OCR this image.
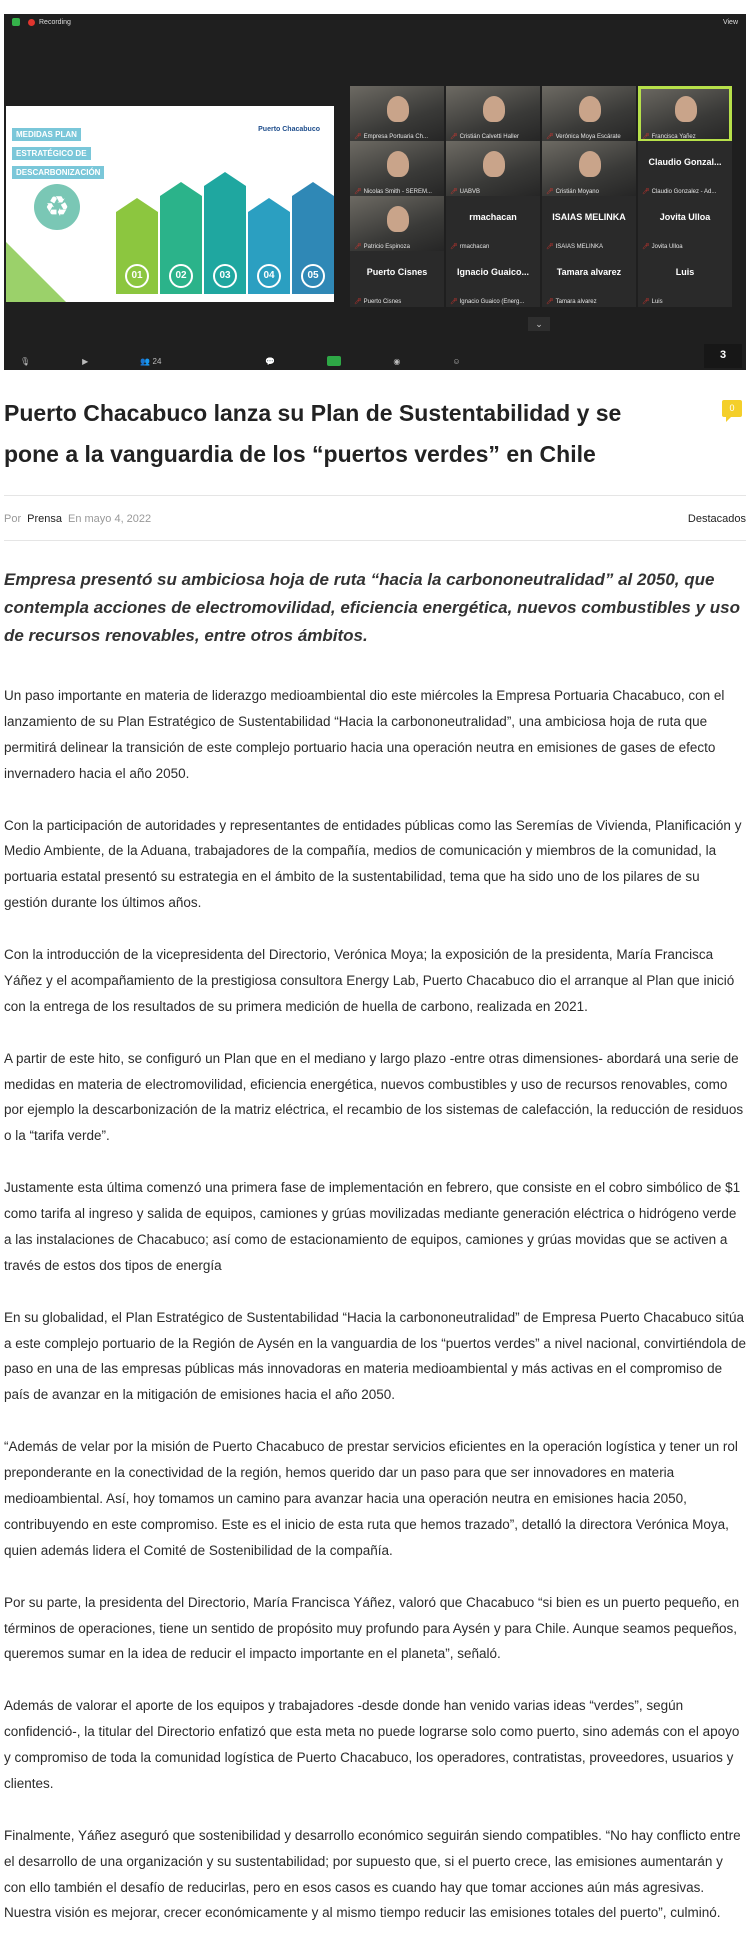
Recording	View
MEDIDAS PLAN
ESTRATÉGICO DE
DESCARBONIZACIÓN
Puerto Chacabuco
♻
01	02	03	04	05
🎤︎ Empresa Portuaria Ch...	🎤︎ Cristián Calvetti Haller	🎤︎ Verónica Moya Escárate	🎤︎ Francisca Yañez
🎤︎ Nicolas Smith - SEREM...	🎤︎ UABVB	🎤︎ Cristián Moyano
Claudio Gonzal...
🎤︎ Claudio Gonzalez - Ad...
🎤︎ Patricio Espinoza
rmachacan
🎤︎ rmachacan
ISAIAS MELINKA
🎤︎ ISAIAS MELINKA
Jovita Ulloa
🎤︎ Jovita Ulloa
Puerto Cisnes
🎤︎ Puerto Cisnes
Ignacio Guaico...
🎤︎ Ignacio Guaico (Energ...
Tamara alvarez
🎤︎ Tamara alvarez
Luis
🎤︎ Luis
⌄
🎙	▶	👥 24	💬	◉	☺	3
Puerto Chacabuco lanza su Plan de Sustentabilidad y se pone a la vanguardia de los “puertos verdes” en Chile
0
Por Prensa En mayo 4, 2022	Destacados

Empresa presentó su ambiciosa hoja de ruta “hacia la carbononeutralidad” al 2050, que contempla acciones de electromovilidad, eficiencia energética, nuevos combustibles y uso de recursos renovables, entre otros ámbitos.

Un paso importante en materia de liderazgo medioambiental dio este miércoles la Empresa Portuaria Chacabuco, con el lanzamiento de su Plan Estratégico de Sustentabilidad “Hacia la carbononeutralidad”, una ambiciosa hoja de ruta que permitirá delinear la transición de este complejo portuario hacia una operación neutra en emisiones de gases de efecto invernadero hacia el año 2050.

Con la participación de autoridades y representantes de entidades públicas como las Seremías de Vivienda, Planificación y Medio Ambiente, de la Aduana, trabajadores de la compañía, medios de comunicación y miembros de la comunidad, la portuaria estatal presentó su estrategia en el ámbito de la sustentabilidad, tema que ha sido uno de los pilares de su gestión durante los últimos años.

Con la introducción de la vicepresidenta del Directorio, Verónica Moya; la exposición de la presidenta, María Francisca Yáñez y el acompañamiento de la prestigiosa consultora Energy Lab, Puerto Chacabuco dio el arranque al Plan que inició con la entrega de los resultados de su primera medición de huella de carbono, realizada en 2021.

A partir de este hito, se configuró un Plan que en el mediano y largo plazo -entre otras dimensiones- abordará una serie de medidas en materia de electromovilidad, eficiencia energética, nuevos combustibles y uso de recursos renovables, como por ejemplo la descarbonización de la matriz eléctrica, el recambio de los sistemas de calefacción, la reducción de residuos o la “tarifa verde”.

Justamente esta última comenzó una primera fase de implementación en febrero, que consiste en el cobro simbólico de $1 como tarifa al ingreso y salida de equipos, camiones y grúas movilizadas mediante generación eléctrica o hidrógeno verde a las instalaciones de Chacabuco; así como de estacionamiento de equipos, camiones y grúas movidas que se activen a través de estos dos tipos de energía

En su globalidad, el Plan Estratégico de Sustentabilidad “Hacia la carbononeutralidad” de Empresa Puerto Chacabuco sitúa a este complejo portuario de la Región de Aysén en la vanguardia de los “puertos verdes” a nivel nacional, convirtiéndola de paso en una de las empresas públicas más innovadoras en materia medioambiental y más activas en el compromiso de país de avanzar en la mitigación de emisiones hacia el año 2050.

“Además de velar por la misión de Puerto Chacabuco de prestar servicios eficientes en la operación logística y tener un rol preponderante en la conectividad de la región, hemos querido dar un paso para que ser innovadores en materia medioambiental. Así, hoy tomamos un camino para avanzar hacia una operación neutra en emisiones hacia 2050, contribuyendo en este compromiso. Este es el inicio de esta ruta que hemos trazado”, detalló la directora Verónica Moya, quien además lidera el Comité de Sostenibilidad de la compañía.

Por su parte, la presidenta del Directorio, María Francisca Yáñez, valoró que Chacabuco “si bien es un puerto pequeño, en términos de operaciones, tiene un sentido de propósito muy profundo para Aysén y para Chile. Aunque seamos pequeños, queremos sumar en la idea de reducir el impacto importante en el planeta”, señaló.

Además de valorar el aporte de los equipos y trabajadores -desde donde han venido varias ideas “verdes”, según confidenció-, la titular del Directorio enfatizó que esta meta no puede lograrse solo como puerto, sino además con el apoyo y compromiso de toda la comunidad logística de Puerto Chacabuco, los operadores, contratistas, proveedores, usuarios y clientes.

Finalmente, Yáñez aseguró que sostenibilidad y desarrollo económico seguirán siendo compatibles. “No hay conflicto entre el desarrollo de una organización y su sustentabilidad; por supuesto que, si el puerto crece, las emisiones aumentarán y con ello también el desafío de reducirlas, pero en esos casos es cuando hay que tomar acciones aún más agresivas. Nuestra visión es mejorar, crecer económicamente y al mismo tiempo reducir las emisiones totales del puerto”, culminó.
